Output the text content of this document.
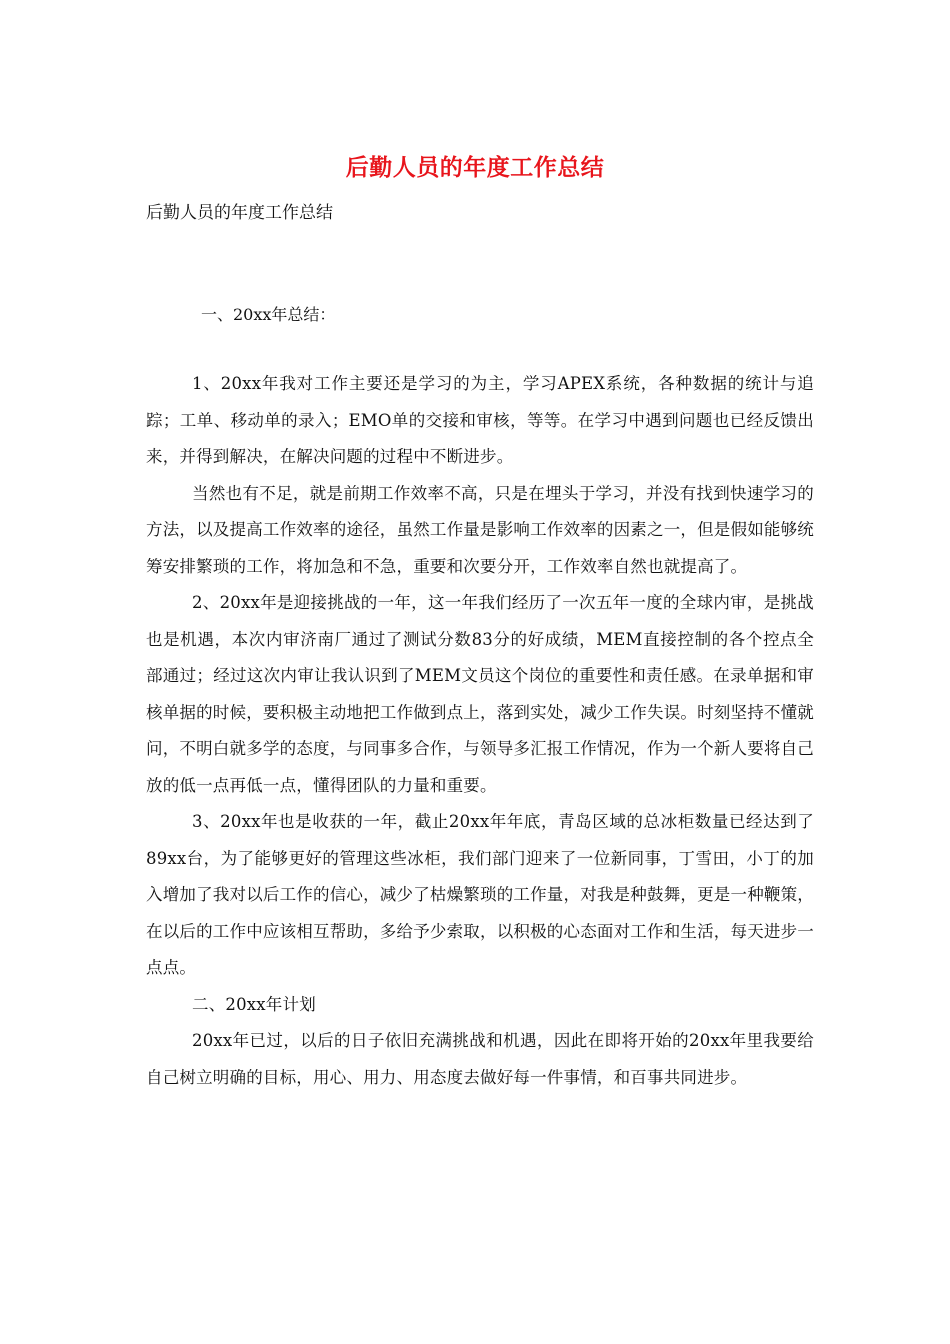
后勤人员的年度工作总结
后勤人员的年度工作总结
一、20xx年总结：

1、20xx年我对工作主要还是学习的为主，学习APEX系统，各种数据的统计与追踪；工单、移动单的录入；EMO单的交接和审核，等等。在学习中遇到问题也已经反馈出来，并得到解决，在解决问题的过程中不断进步。

当然也有不足，就是前期工作效率不高，只是在埋头于学习，并没有找到快速学习的方法，以及提高工作效率的途径，虽然工作量是影响工作效率的因素之一，但是假如能够统筹安排繁琐的工作，将加急和不急，重要和次要分开，工作效率自然也就提高了。

2、20xx年是迎接挑战的一年，这一年我们经历了一次五年一度的全球内审，是挑战也是机遇，本次内审济南厂通过了测试分数83分的好成绩，MEM直接控制的各个控点全部通过；经过这次内审让我认识到了MEM文员这个岗位的重要性和责任感。在录单据和审核单据的时候，要积极主动地把工作做到点上，落到实处，减少工作失误。时刻坚持不懂就问，不明白就多学的态度，与同事多合作，与领导多汇报工作情况，作为一个新人要将自己放的低一点再低一点，懂得团队的力量和重要。

3、20xx年也是收获的一年，截止20xx年年底，青岛区域的总冰柜数量已经达到了89xx台，为了能够更好的管理这些冰柜，我们部门迎来了一位新同事，丁雪田，小丁的加入增加了我对以后工作的信心，减少了枯燥繁琐的工作量，对我是种鼓舞，更是一种鞭策，在以后的工作中应该相互帮助，多给予少索取，以积极的心态面对工作和生活，每天进步一点点。

二、20xx年计划

20xx年已过，以后的日子依旧充满挑战和机遇，因此在即将开始的20xx年里我要给自己树立明确的目标，用心、用力、用态度去做好每一件事情，和百事共同进步。
